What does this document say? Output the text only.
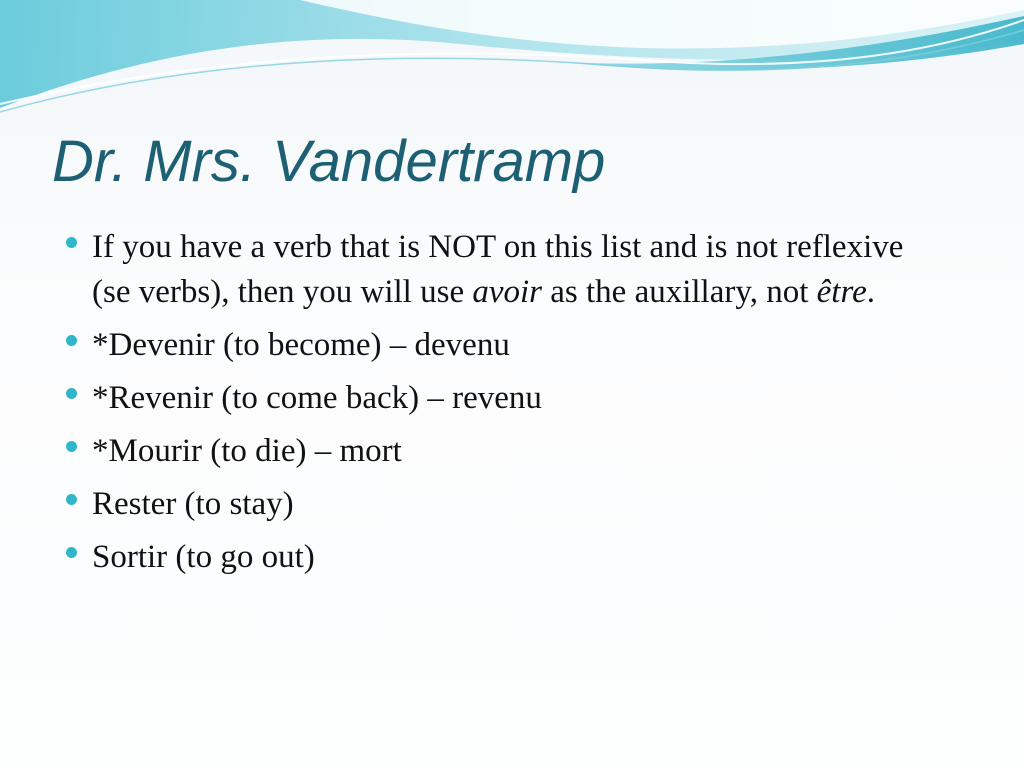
Dr. Mrs. Vandertramp
If you have a verb that is NOT on this list and is not reflexive (se verbs), then you will use avoir as the auxillary, not être.
*Devenir (to become) – devenu
*Revenir (to come back) – revenu
*Mourir (to die) – mort
Rester (to stay)
Sortir (to go out)
